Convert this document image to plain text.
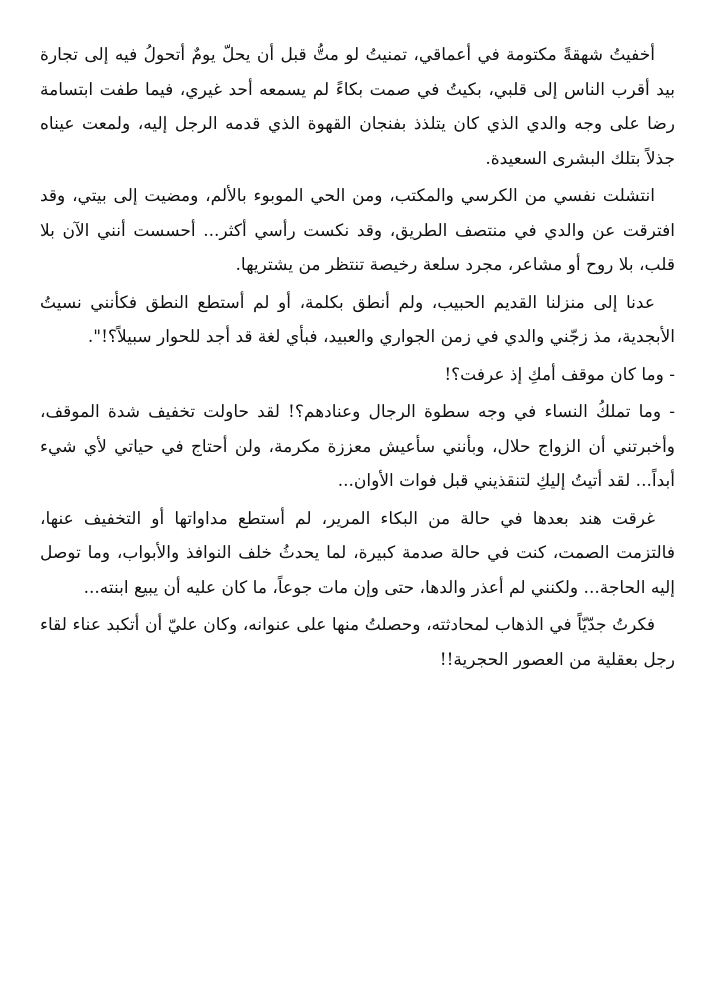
أخفيتُ شهقةً مكتومة في أعماقي، تمنيتُ لو متُّ قبل أن يحلّ يومٌ أتحولُ فيه إلى تجارة بيد أقرب الناس إلى قلبي، بكيتُ في صمت بكاءً لم يسمعه أحد غيري، فيما طفت ابتسامة رضا على وجه والدي الذي كان يتلذذ بفنجان القهوة الذي قدمه الرجل إليه، ولمعت عيناه جذلاً بتلك البشرى السعيدة.

انتشلت نفسي من الكرسي والمكتب، ومن الحي الموبوء بالألم، ومضيت إلى بيتي، وقد افترقت عن والدي في منتصف الطريق، وقد نكست رأسي أكثر... أحسست أنني الآن بلا قلب، بلا روح أو مشاعر، مجرد سلعة رخيصة تنتظر من يشتريها.

عدنا إلى منزلنا القديم الحبيب، ولم أنطق بكلمة، أو لم أستطع النطق فكأنني نسيتُ الأبجدية، مذ زجّني والدي في زمن الجواري والعبيد، فبأي لغة قد أجد للحوار سبيلاً؟!".

- وما كان موقف أمكِ إذ عرفت؟!

- وما تملكُ النساء في وجه سطوة الرجال وعنادهم؟! لقد حاولت تخفيف شدة الموقف، وأخبرتني أن الزواج حلال، وبأنني سأعيش معززة مكرمة، ولن أحتاج في حياتي لأي شيء أبداً... لقد أتيتُ إليكِ لتنقذيني قبل فوات الأوان...

غرقت هند بعدها في حالة من البكاء المرير، لم أستطع مداواتها أو التخفيف عنها، فالتزمت الصمت، كنت في حالة صدمة كبيرة، لما يحدثُ خلف النوافذ والأبواب، وما توصل إليه الحاجة... ولكنني لم أعذر والدها، حتى وإن مات جوعاً، ما كان عليه أن يبيع ابنته...

فكرتُ جدّيّاً في الذهاب لمحادثته، وحصلتُ منها على عنوانه، وكان عليّ أن أتكبد عناء لقاء رجل بعقلية من العصور الحجرية!!
